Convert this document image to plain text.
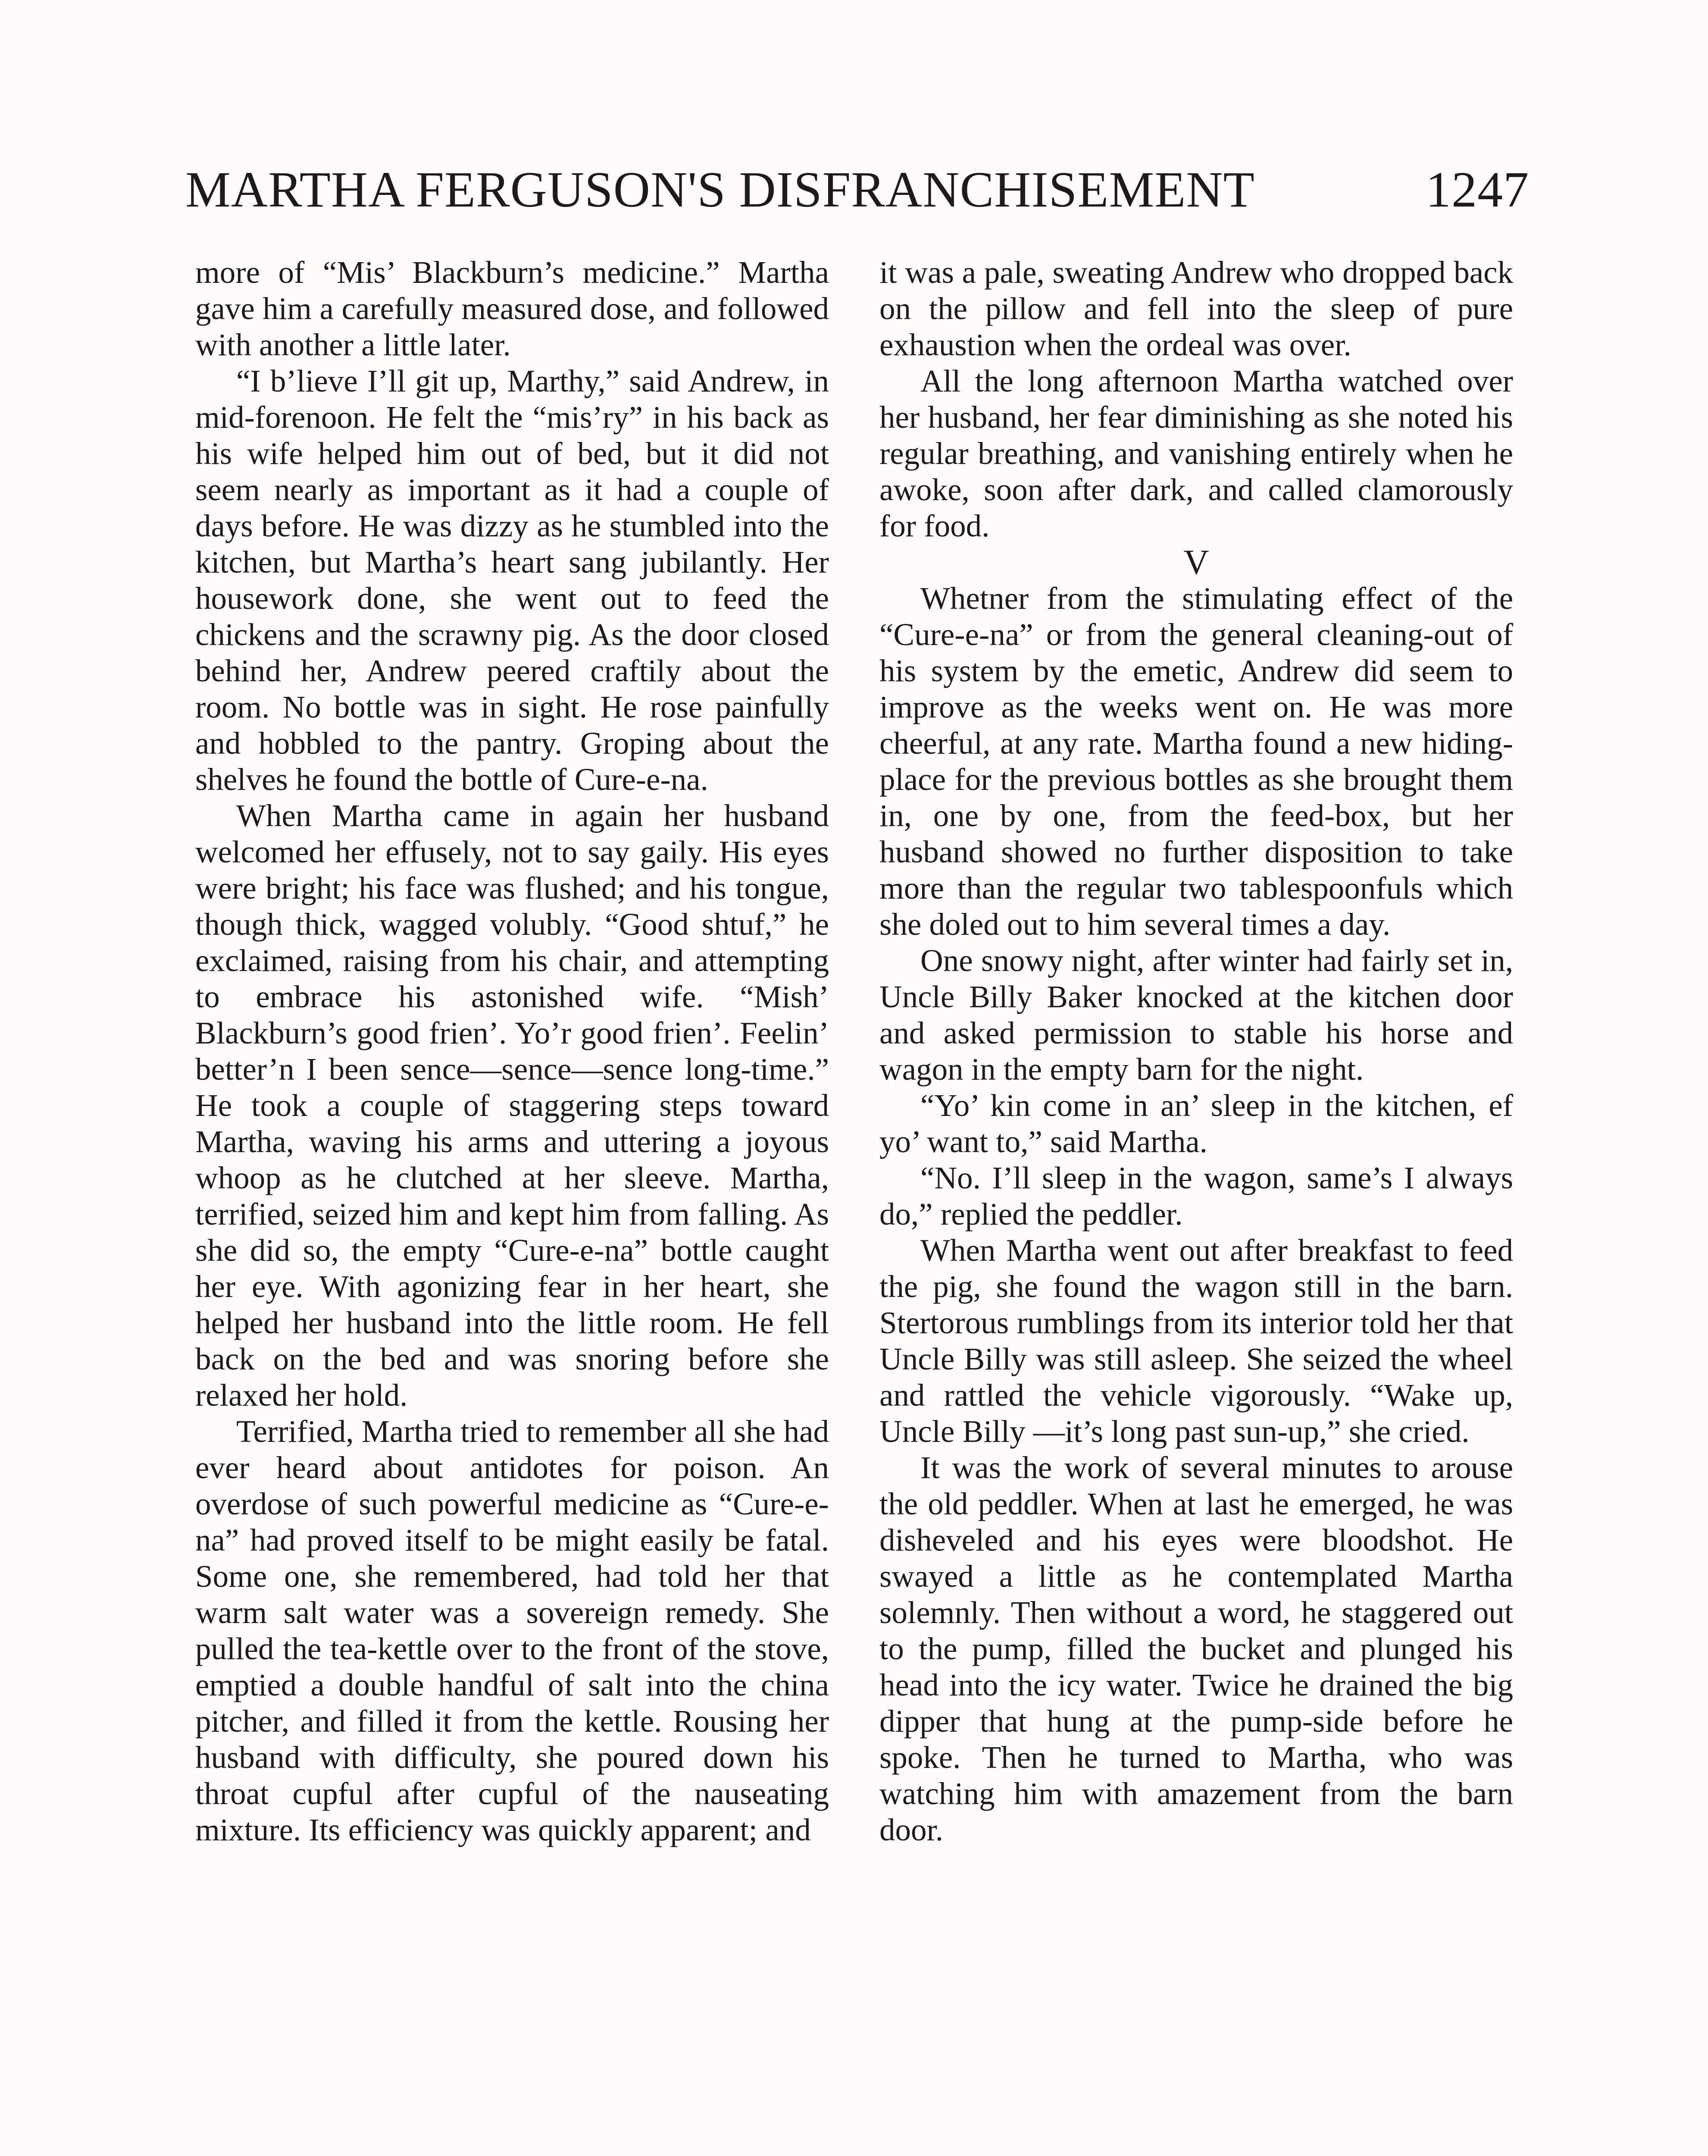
MARTHA FERGUSON'S DISFRANCHISEMENT	1247

more of “Mis’ Blackburn’s medicine.” Martha gave him a carefully measured dose, and followed with another a little later.

“I b’lieve I’ll git up, Marthy,” said Andrew, in mid-forenoon. He felt the “mis’ry” in his back as his wife helped him out of bed, but it did not seem nearly as important as it had a couple of days before. He was dizzy as he stumbled into the kitchen, but Martha’s heart sang jubilantly. Her housework done, she went out to feed the chickens and the scrawny pig. As the door closed behind her, Andrew peered craftily about the room. No bottle was in sight. He rose painfully and hobbled to the pantry. Groping about the shelves he found the bottle of Cure-e-na.

When Martha came in again her husband welcomed her effusely, not to say gaily. His eyes were bright; his face was flushed; and his tongue, though thick, wagged volubly. “Good shtuf,” he exclaimed, raising from his chair, and attempting to embrace his astonished wife. “Mish’ Blackburn’s good frien’. Yo’r good frien’. Feelin’ better’n I been sence—sence—sence long-time.” He took a couple of staggering steps toward Martha, waving his arms and uttering a joyous whoop as he clutched at her sleeve. Martha, terrified, seized him and kept him from falling. As she did so, the empty “Cure-e-na” bottle caught her eye. With agonizing fear in her heart, she helped her husband into the little room. He fell back on the bed and was snoring before she relaxed her hold.

Terrified, Martha tried to remember all she had ever heard about antidotes for poison. An overdose of such powerful medicine as “Cure-e-na” had proved itself to be might easily be fatal. Some one, she remembered, had told her that warm salt water was a sovereign remedy. She pulled the tea-kettle over to the front of the stove, emptied a double handful of salt into the china pitcher, and filled it from the kettle. Rousing her husband with difficulty, she poured down his throat cupful after cupful of the nauseating mixture. Its efficiency was quickly apparent; and

it was a pale, sweating Andrew who dropped back on the pillow and fell into the sleep of pure exhaustion when the ordeal was over.

All the long afternoon Martha watched over her husband, her fear diminishing as she noted his regular breathing, and vanishing entirely when he awoke, soon after dark, and called clamorously for food.

V

Whetner from the stimulating effect of the “Cure-e-na” or from the general cleaning-out of his system by the emetic, Andrew did seem to improve as the weeks went on. He was more cheerful, at any rate. Martha found a new hiding-place for the previous bottles as she brought them in, one by one, from the feed-box, but her husband showed no further disposition to take more than the regular two tablespoonfuls which she doled out to him several times a day.

One snowy night, after winter had fairly set in, Uncle Billy Baker knocked at the kitchen door and asked permission to stable his horse and wagon in the empty barn for the night.

“Yo’ kin come in an’ sleep in the kitchen, ef yo’ want to,” said Martha.

“No. I’ll sleep in the wagon, same’s I always do,” replied the peddler.

When Martha went out after breakfast to feed the pig, she found the wagon still in the barn. Stertorous rumblings from its interior told her that Uncle Billy was still asleep. She seized the wheel and rattled the vehicle vigorously. “Wake up, Uncle Billy —it’s long past sun-up,” she cried.

It was the work of several minutes to arouse the old peddler. When at last he emerged, he was disheveled and his eyes were bloodshot. He swayed a little as he contemplated Martha solemnly. Then without a word, he staggered out to the pump, filled the bucket and plunged his head into the icy water. Twice he drained the big dipper that hung at the pump-side before he spoke. Then he turned to Martha, who was watching him with amazement from the barn door.
